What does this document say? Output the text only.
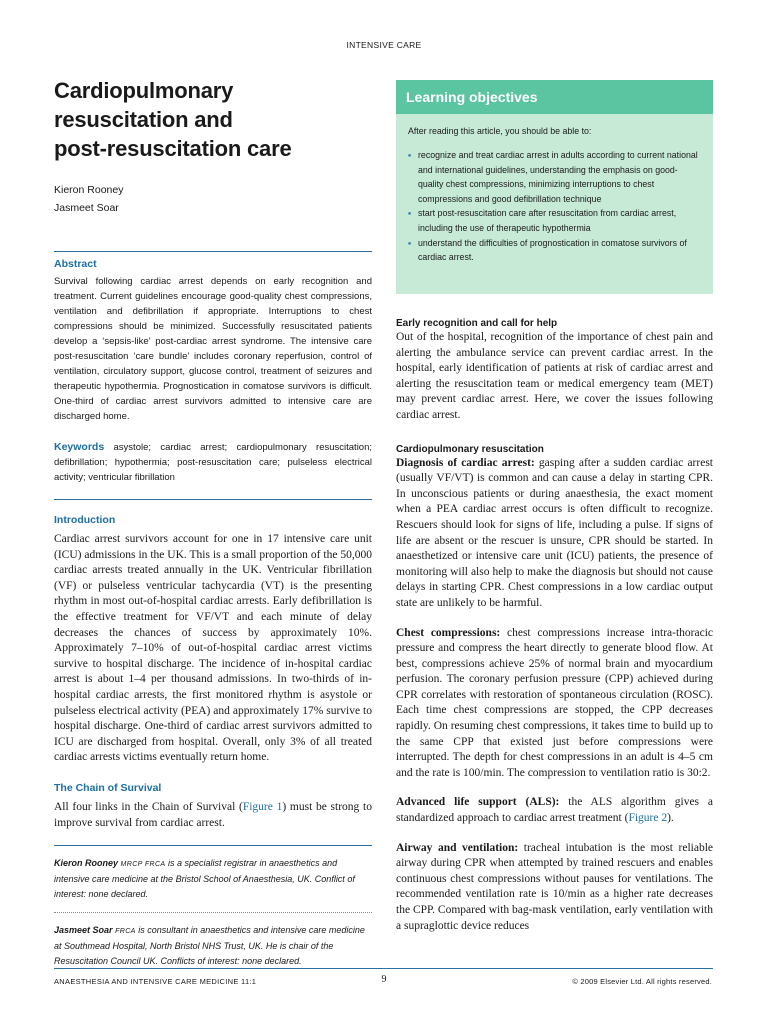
INTENSIVE CARE
Cardiopulmonary
resuscitation and
post-resuscitation care
Kieron Rooney
Jasmeet Soar
Abstract

Survival following cardiac arrest depends on early recognition and treatment. Current guidelines encourage good-quality chest compressions, ventilation and defibrillation if appropriate. Interruptions to chest compressions should be minimized. Successfully resuscitated patients develop a ‘sepsis-like’ post-cardiac arrest syndrome. The intensive care post-resuscitation ‘care bundle’ includes coronary reperfusion, control of ventilation, circulatory support, glucose control, treatment of seizures and therapeutic hypothermia. Prognostication in comatose survivors is difficult. One-third of cardiac arrest survivors admitted to intensive care are discharged home.

Keywords asystole; cardiac arrest; cardiopulmonary resuscitation; defibrillation; hypothermia; post-resuscitation care; pulseless electrical activity; ventricular fibrillation
Introduction

Cardiac arrest survivors account for one in 17 intensive care unit (ICU) admissions in the UK. This is a small proportion of the 50,000 cardiac arrests treated annually in the UK. Ventricular fibrillation (VF) or pulseless ventricular tachycardia (VT) is the presenting rhythm in most out-of-hospital cardiac arrests. Early defibrillation is the effective treatment for VF/VT and each minute of delay decreases the chances of success by approximately 10%. Approximately 7–10% of out-of-hospital cardiac arrest victims survive to hospital discharge. The incidence of in-hospital cardiac arrest is about 1–4 per thousand admissions. In two-thirds of in-hospital cardiac arrests, the first monitored rhythm is asystole or pulseless electrical activity (PEA) and approximately 17% survive to hospital discharge. One-third of cardiac arrest survivors admitted to ICU are discharged from hospital. Overall, only 3% of all treated cardiac arrests victims eventually return home.

The Chain of Survival

All four links in the Chain of Survival (Figure 1) must be strong to improve survival from cardiac arrest.

Kieron Rooney MRCP FRCA is a specialist registrar in anaesthetics and intensive care medicine at the Bristol School of Anaesthesia, UK. Conflict of interest: none declared.

Jasmeet Soar FRCA is consultant in anaesthetics and intensive care medicine at Southmead Hospital, North Bristol NHS Trust, UK. He is chair of the Resuscitation Council UK. Conflicts of interest: none declared.

Learning objectives
After reading this article, you should be able to:
▪ recognize and treat cardiac arrest in adults according to current national and international guidelines, understanding the emphasis on good-quality chest compressions, minimizing interruptions to chest compressions and good defibrillation technique
▪ start post-resuscitation care after resuscitation from cardiac arrest, including the use of therapeutic hypothermia
▪ understand the difficulties of prognostication in comatose survivors of cardiac arrest.
Early recognition and call for help

Out of the hospital, recognition of the importance of chest pain and alerting the ambulance service can prevent cardiac arrest. In the hospital, early identification of patients at risk of cardiac arrest and alerting the resuscitation team or medical emergency team (MET) may prevent cardiac arrest. Here, we cover the issues following cardiac arrest.

Cardiopulmonary resuscitation

Diagnosis of cardiac arrest: gasping after a sudden cardiac arrest (usually VF/VT) is common and can cause a delay in starting CPR. In unconscious patients or during anaesthesia, the exact moment when a PEA cardiac arrest occurs is often difficult to recognize. Rescuers should look for signs of life, including a pulse. If signs of life are absent or the rescuer is unsure, CPR should be started. In anaesthetized or intensive care unit (ICU) patients, the presence of monitoring will also help to make the diagnosis but should not cause delays in starting CPR. Chest compressions in a low cardiac output state are unlikely to be harmful.

Chest compressions: chest compressions increase intra-thoracic pressure and compress the heart directly to generate blood flow. At best, compressions achieve 25% of normal brain and myocardium perfusion. The coronary perfusion pressure (CPP) achieved during CPR correlates with restoration of spontaneous circulation (ROSC). Each time chest compressions are stopped, the CPP decreases rapidly. On resuming chest compressions, it takes time to build up to the same CPP that existed just before compressions were interrupted. The depth for chest compressions in an adult is 4–5 cm and the rate is 100/min. The compression to ventilation ratio is 30:2.

Advanced life support (ALS): the ALS algorithm gives a standardized approach to cardiac arrest treatment (Figure 2).

Airway and ventilation: tracheal intubation is the most reliable airway during CPR when attempted by trained rescuers and enables continuous chest compressions without pauses for ventilations. The recommended ventilation rate is 10/min as a higher rate decreases the CPP. Compared with bag-mask ventilation, early ventilation with a supraglottic device reduces

ANAESTHESIA AND INTENSIVE CARE MEDICINE 11:1	9	© 2009 Elsevier Ltd. All rights reserved.
